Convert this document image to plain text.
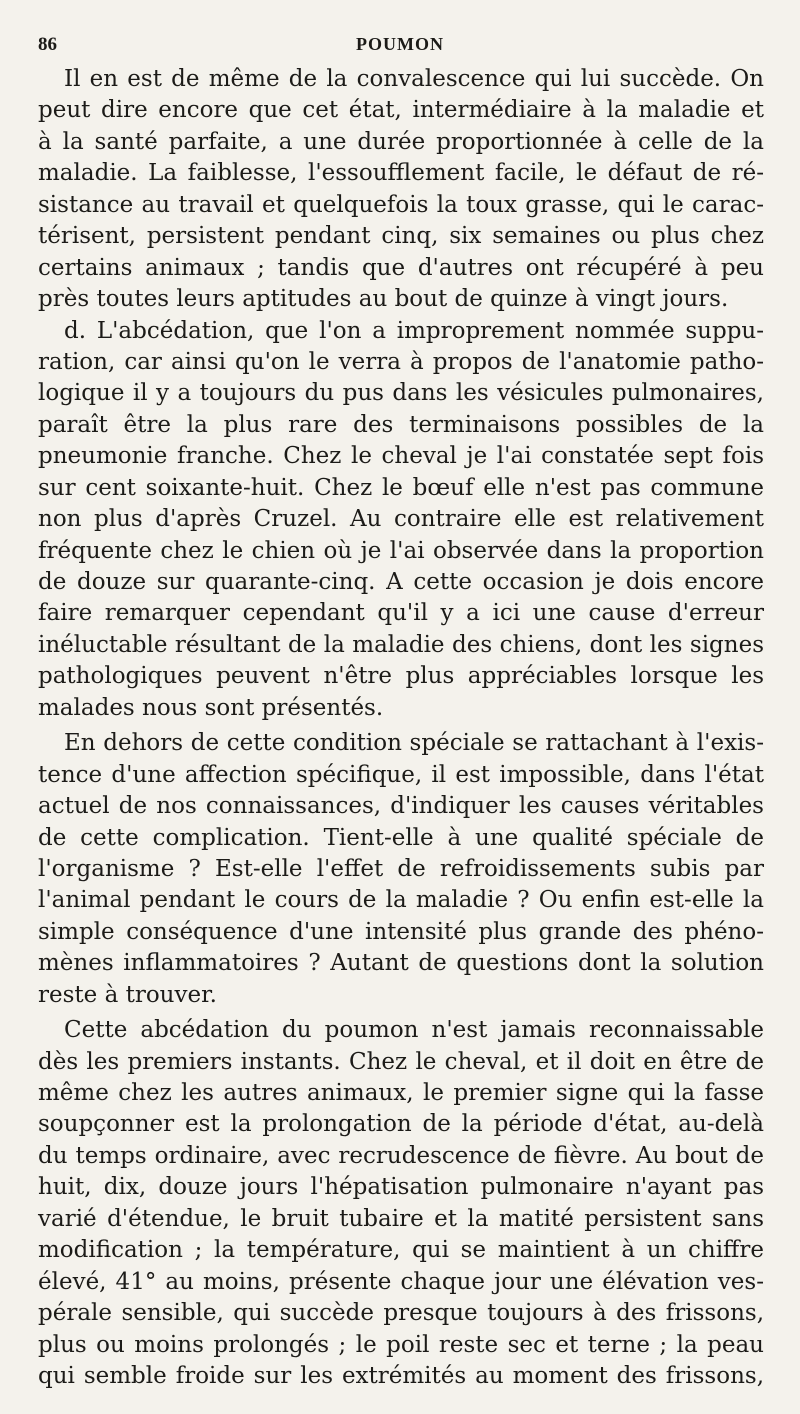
86	POUMON
Il en est de même de la convalescence qui lui succède. On
peut dire encore que cet état, intermédiaire à la maladie et
à la santé parfaite, a une durée proportionnée à celle de la
maladie. La faiblesse, l'essoufflement facile, le défaut de ré-
sistance au travail et quelquefois la toux grasse, qui le carac-
térisent, persistent pendant cinq, six semaines ou plus chez
certains animaux ; tandis que d'autres ont récupéré à peu
près toutes leurs aptitudes au bout de quinze à vingt jours.
d. L'abcédation, que l'on a improprement nommée suppu-
ration, car ainsi qu'on le verra à propos de l'anatomie patho-
logique il y a toujours du pus dans les vésicules pulmonaires,
paraît être la plus rare des terminaisons possibles de la
pneumonie franche. Chez le cheval je l'ai constatée sept fois
sur cent soixante-huit. Chez le bœuf elle n'est pas commune
non plus d'après Cruzel. Au contraire elle est relativement
fréquente chez le chien où je l'ai observée dans la proportion
de douze sur quarante-cinq. A cette occasion je dois encore
faire remarquer cependant qu'il y a ici une cause d'erreur
inéluctable résultant de la maladie des chiens, dont les signes
pathologiques peuvent n'être plus appréciables lorsque les
malades nous sont présentés.
En dehors de cette condition spéciale se rattachant à l'exis-
tence d'une affection spécifique, il est impossible, dans l'état
actuel de nos connaissances, d'indiquer les causes véritables
de cette complication. Tient-elle à une qualité spéciale de
l'organisme ? Est-elle l'effet de refroidissements subis par
l'animal pendant le cours de la maladie ? Ou enfin est-elle la
simple conséquence d'une intensité plus grande des phéno-
mènes inflammatoires ? Autant de questions dont la solution
reste à trouver.
Cette abcédation du poumon n'est jamais reconnaissable
dès les premiers instants. Chez le cheval, et il doit en être de
même chez les autres animaux, le premier signe qui la fasse
soupçonner est la prolongation de la période d'état, au-delà
du temps ordinaire, avec recrudescence de fièvre. Au bout de
huit, dix, douze jours l'hépatisation pulmonaire n'ayant pas
varié d'étendue, le bruit tubaire et la matité persistent sans
modification ; la température, qui se maintient à un chiffre
élevé, 41° au moins, présente chaque jour une élévation ves-
pérale sensible, qui succède presque toujours à des frissons,
plus ou moins prolongés ; le poil reste sec et terne ; la peau
qui semble froide sur les extrémités au moment des frissons,
